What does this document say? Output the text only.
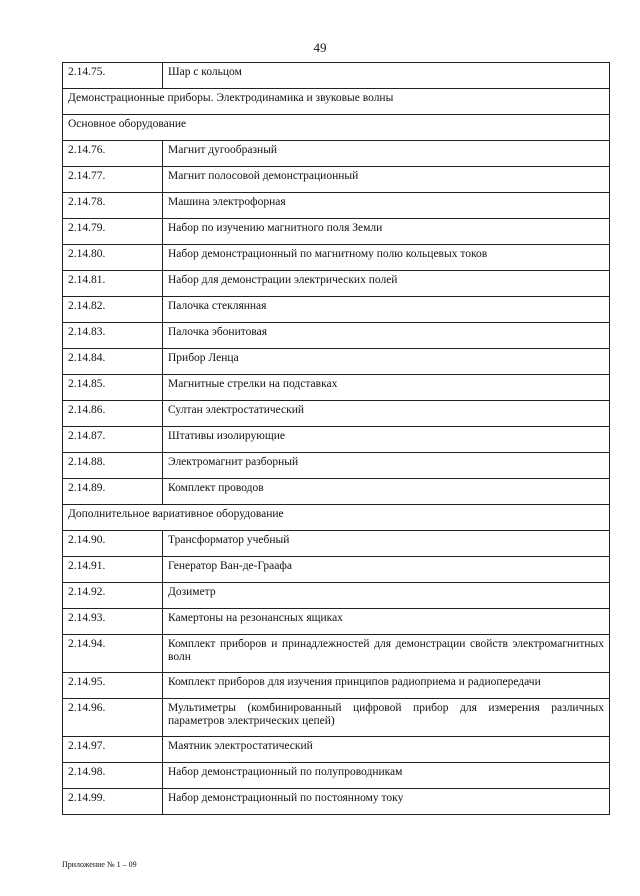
49
2.14.75.	Шар с кольцом
Демонстрационные приборы. Электродинамика и звуковые волны	
Основное оборудование	
2.14.76.	Магнит дугообразный
2.14.77.	Магнит полосовой демонстрационный
2.14.78.	Машина электрофорная
2.14.79.	Набор по изучению магнитного поля Земли
2.14.80.	Набор демонстрационный по магнитному полю кольцевых токов
2.14.81.	Набор для демонстрации электрических полей
2.14.82.	Палочка стеклянная
2.14.83.	Палочка эбонитовая
2.14.84.	Прибор Ленца
2.14.85.	Магнитные стрелки на подставках
2.14.86.	Султан электростатический
2.14.87.	Штативы изолирующие
2.14.88.	Электромагнит разборный
2.14.89.	Комплект проводов
Дополнительное вариативное оборудование	
2.14.90.	Трансформатор учебный
2.14.91.	Генератор Ван-де-Граафа
2.14.92.	Дозиметр
2.14.93.	Камертоны на резонансных ящиках
2.14.94.	Комплект приборов и принадлежностей для демонстрации свойств электромагнитных волн
2.14.95.	Комплект приборов для изучения принципов радиоприема и радиопередачи
2.14.96.	Мультиметры (комбинированный цифровой прибор для измерения различных параметров электрических цепей)
2.14.97.	Маятник электростатический
2.14.98.	Набор демонстрационный по полупроводникам
2.14.99.	Набор демонстрационный по постоянному току
Приложение № 1 – 09
